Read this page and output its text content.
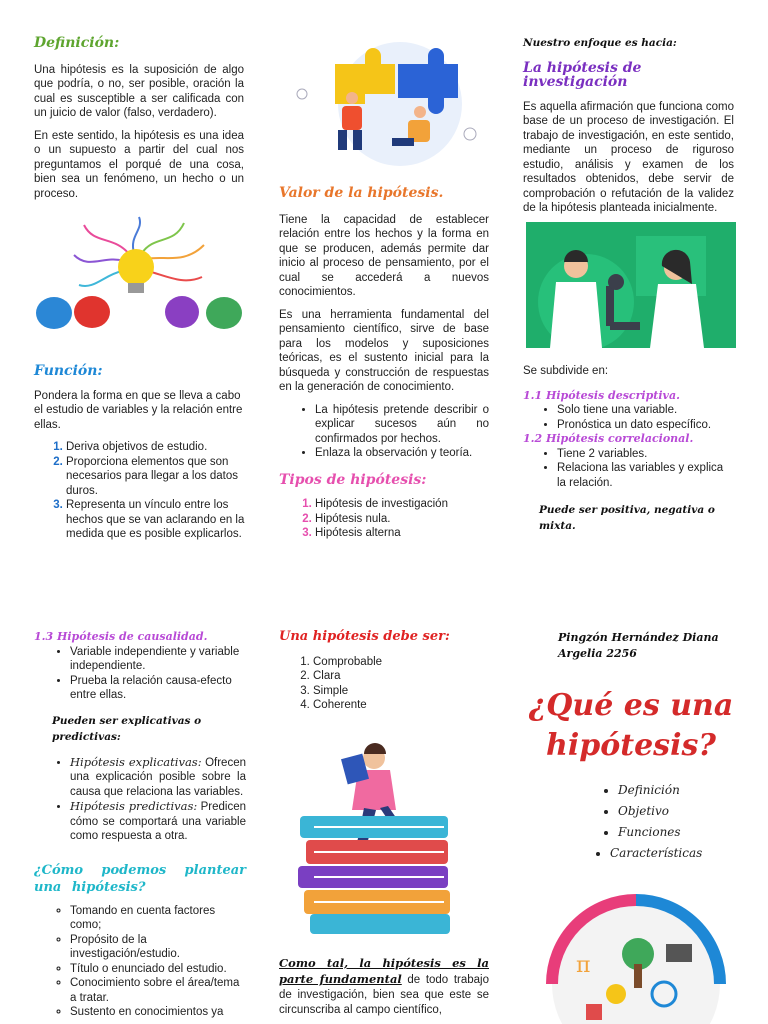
Definición:

Una hipótesis es la suposición de algo que podría, o no, ser posible, oración la cual es susceptible a ser calificada con un juicio de valor (falso, verdadero).

En este sentido, la hipótesis es una idea o un supuesto a partir del cual nos preguntamos el porqué de una cosa, bien sea un fenómeno, un hecho o un proceso.

Función:

Pondera la forma en que se lleva a cabo el estudio de variables y la relación entre ellas.

1. Deriva objetivos de estudio.
2. Proporciona elementos que son necesarios para llegar a los datos duros.
3. Representa un vínculo entre los hechos que se van aclarando en la medida que es posible explicarlos.
Valor de la hipótesis.

Tiene la capacidad de establecer relación entre los hechos y la forma en que se producen, además permite dar inicio al proceso de pensamiento, por el cual se accederá a nuevos conocimientos.

Es una herramienta fundamental del pensamiento científico, sirve de base para los modelos y suposiciones teóricas, es el sustento inicial para la búsqueda y construcción de respuestas en la generación de conocimiento.

• La hipótesis pretende describir o explicar sucesos aún no confirmados por hechos.
• Enlaza la observación y teoría.
Tipos de hipótesis:
1. Hipótesis de investigación
2. Hipótesis nula.
3. Hipótesis alterna
Nuestro enfoque es hacia:
La hipótesis de investigación

Es aquella afirmación que funciona como base de un proceso de investigación. El trabajo de investigación, en este sentido, mediante un proceso de riguroso estudio, análisis y examen de los resultados obtenidos, debe servir de comprobación o refutación de la validez de la hipótesis planteada inicialmente.

Se subdivide en:

1.1 Hipótesis descriptiva.
• Solo tiene una variable.
• Pronóstica un dato específico.
1.2 Hipótesis correlacional.
• Tiene 2 variables.
• Relaciona las variables y explica la relación.
Puede ser positiva, negativa o mixta.
1.3 Hipótesis de causalidad.
• Variable independiente y variable independiente.
• Prueba la relación causa-efecto entre ellas.
Pueden ser explicativas o predictivas:
• Hipótesis explicativas: Ofrecen una explicación posible sobre la causa que relaciona las variables.
• Hipótesis predictivas: Predicen cómo se comportará una variable como respuesta a otra.
¿Cómo podemos plantear una hipótesis?
◦ Tomando en cuenta factores como;
◦ Propósito de la investigación/estudio.
◦ Título o enunciado del estudio.
◦ Conocimiento sobre el área/tema a tratar.
◦ Sustento en conocimientos ya
Una hipótesis debe ser:
1. Comprobable
2. Clara
3. Simple
4. Coherente
Como tal, la hipótesis es la parte fundamental de todo trabajo de investigación, bien sea que este se circunscriba al campo científico,
Pingzón Hernández Diana Argelia 2256
¿Qué es una hipótesis?
• Definición
• Objetivo
• Funciones
• Características
π
